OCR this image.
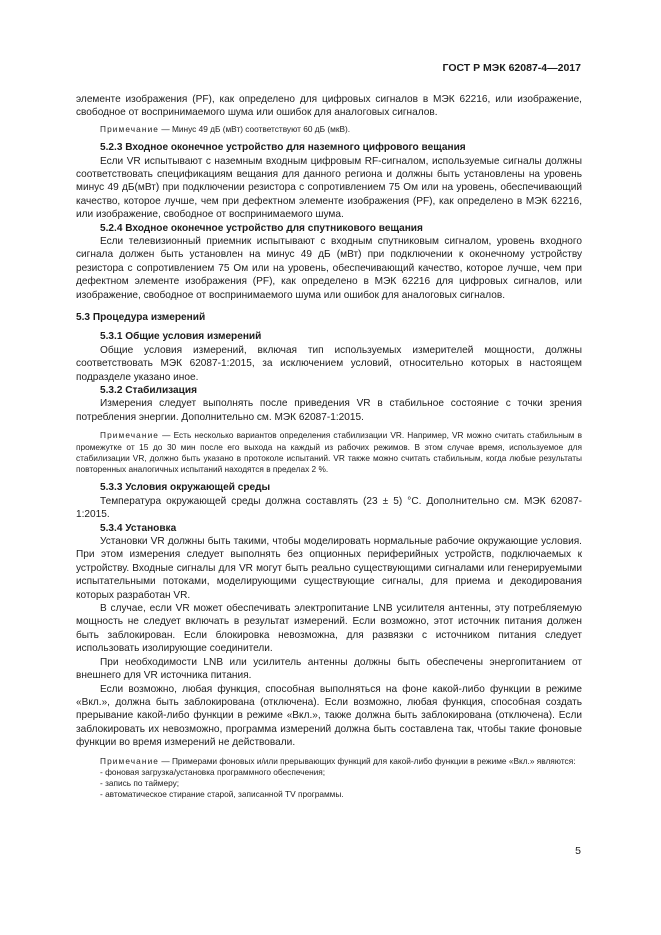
ГОСТ Р МЭК 62087-4—2017

элементе изображения (PF), как определено для цифровых сигналов в МЭК 62216, или изображение, свободное от воспринимаемого шума или ошибок для аналоговых сигналов.

Примечание — Минус 49 дБ (мВт) соответствуют 60 дБ (мкВ).

5.2.3 Входное оконечное устройство для наземного цифрового вещания

Если VR испытывают с наземным входным цифровым RF-сигналом, используемые сигналы должны соответствовать спецификациям вещания для данного региона и должны быть установлены на уровень минус 49 дБ(мВт) при подключении резистора с сопротивлением 75 Ом или на уровень, обеспечивающий качество, которое лучше, чем при дефектном элементе изображения (PF), как определено в МЭК 62216, или изображение, свободное от воспринимаемого шума.

5.2.4 Входное оконечное устройство для спутникового вещания

Если телевизионный приемник испытывают с входным спутниковым сигналом, уровень входного сигнала должен быть установлен на минус 49 дБ (мВт) при подключении к оконечному устройству резистора с сопротивлением 75 Ом или на уровень, обеспечивающий качество, которое лучше, чем при дефектном элементе изображения (PF), как определено в МЭК 62216 для цифровых сигналов, или изображение, свободное от воспринимаемого шума или ошибок для аналоговых сигналов.

5.3 Процедура измерений

5.3.1 Общие условия измерений

Общие условия измерений, включая тип используемых измерителей мощности, должны соответствовать МЭК 62087-1:2015, за исключением условий, относительно которых в настоящем подразделе указано иное.

5.3.2 Стабилизация

Измерения следует выполнять после приведения VR в стабильное состояние с точки зрения потребления энергии. Дополнительно см. МЭК 62087-1:2015.

Примечание — Есть несколько вариантов определения стабилизации VR. Например, VR можно считать стабильным в промежутке от 15 до 30 мин после его выхода на каждый из рабочих режимов. В этом случае время, используемое для стабилизации VR, должно быть указано в протоколе испытаний. VR также можно считать стабильным, когда любые результаты повторенных аналогичных испытаний находятся в пределах 2 %.

5.3.3 Условия окружающей среды

Температура окружающей среды должна составлять (23 ± 5) °С. Дополнительно см. МЭК 62087-1:2015.

5.3.4 Установка

Установки VR должны быть такими, чтобы моделировать нормальные рабочие окружающие условия. При этом измерения следует выполнять без опционных периферийных устройств, подключаемых к устройству. Входные сигналы для VR могут быть реально существующими сигналами или генерируемыми испытательными потоками, моделирующими существующие сигналы, для приема и декодирования которых разработан VR.

В случае, если VR может обеспечивать электропитание LNB усилителя антенны, эту потребляемую мощность не следует включать в результат измерений. Если возможно, этот источник питания должен быть заблокирован. Если блокировка невозможна, для развязки с источником питания следует использовать изолирующие соединители.

При необходимости LNB или усилитель антенны должны быть обеспечены энергопитанием от внешнего для VR источника питания.

Если возможно, любая функция, способная выполняться на фоне какой-либо функции в режиме «Вкл.», должна быть заблокирована (отключена). Если возможно, любая функция, способная создать прерывание какой-либо функции в режиме «Вкл.», также должна быть заблокирована (отключена). Если заблокировать их невозможно, программа измерений должна быть составлена так, чтобы такие фоновые функции во время измерений не действовали.

Примечание — Примерами фоновых и/или прерывающих функций для какой-либо функции в режиме «Вкл.» являются:

- фоновая загрузка/установка программного обеспечения;
- запись по таймеру;
- автоматическое стирание старой, записанной TV программы.
5
